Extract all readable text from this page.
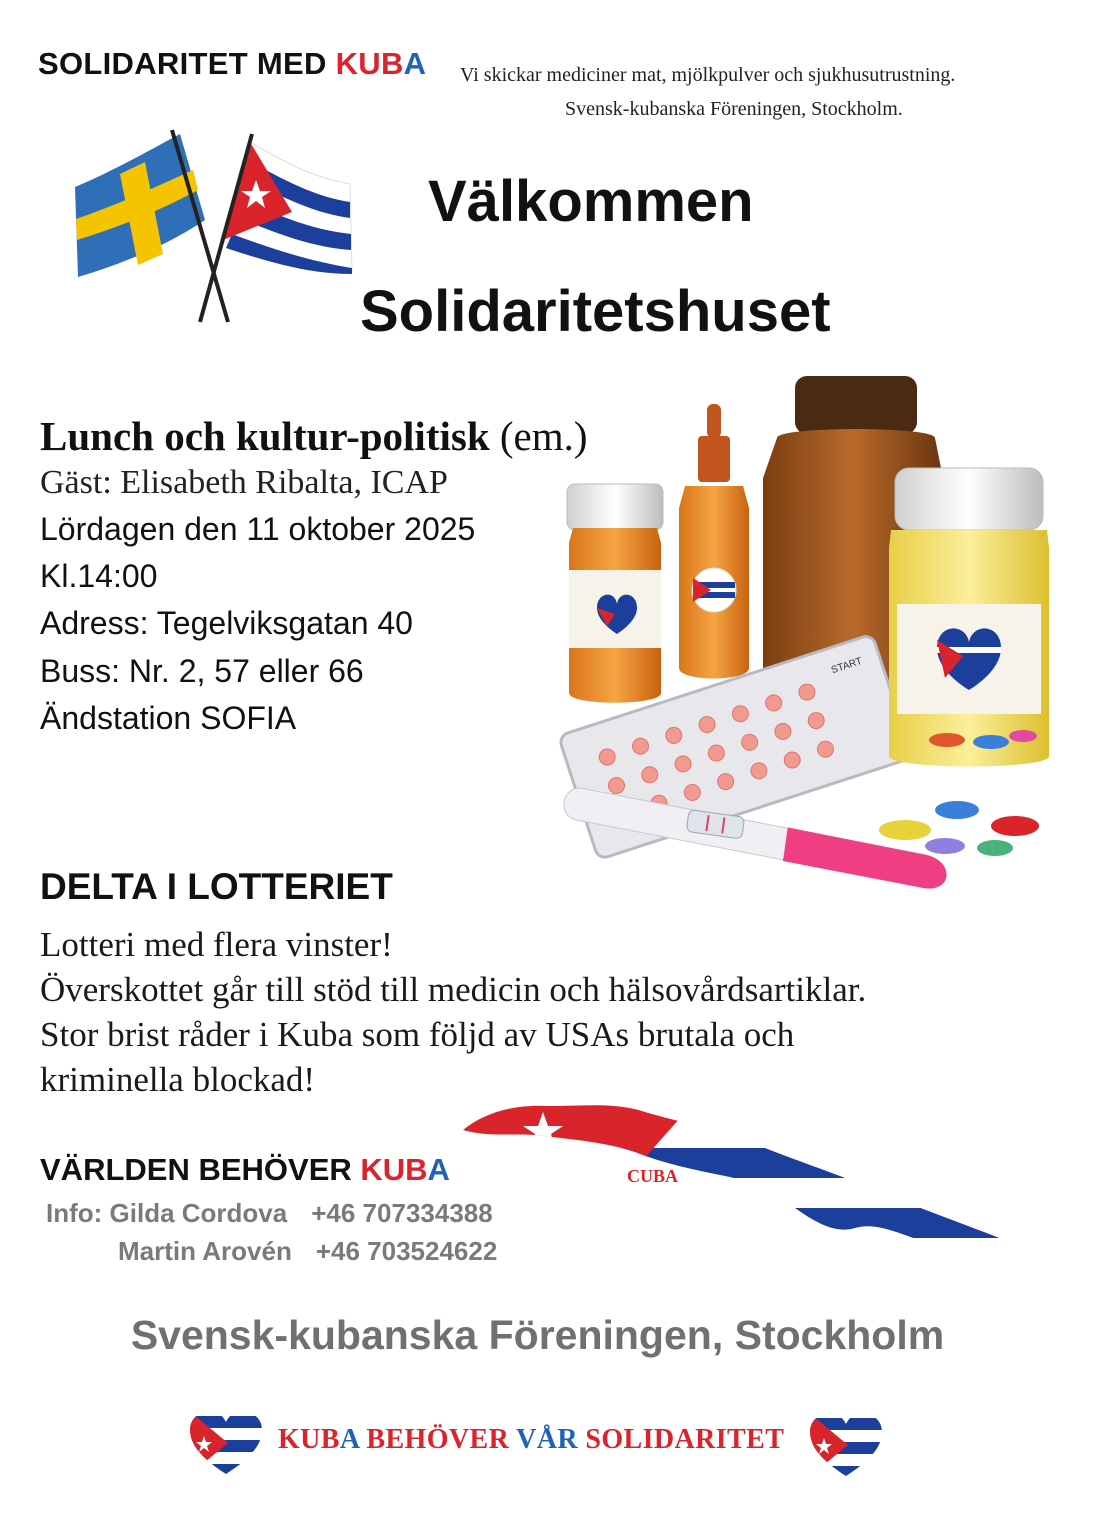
SOLIDARITET MED KUBA Vi skickar mediciner mat, mjölkpulver och sjukhusutrustning.
Svensk-kubanska Föreningen, Stockholm.
Välkommen
Solidaritetshuset
Lunch och kultur-politisk (em.)
Gäst: Elisabeth Ribalta, ICAP
Lördagen den 11 oktober 2025
Kl.14:00
Adress: Tegelviksgatan 40
Buss: Nr. 2, 57 eller 66
Ändstation SOFIA
START
DELTA I LOTTERIET
Lotteri med flera vinster!
Överskottet går till stöd till medicin och hälsovårdsartiklar.
Stor brist råder i Kuba som följd av USAs brutala och
kriminella blockad!
CUBA
VÄRLDEN BEHÖVER KUBA
Info: Gilda Cordova +46 707334388
Martin Arovén +46 703524622
Svensk-kubanska Föreningen, Stockholm
KUBA BEHÖVER VÅR SOLIDARITET
